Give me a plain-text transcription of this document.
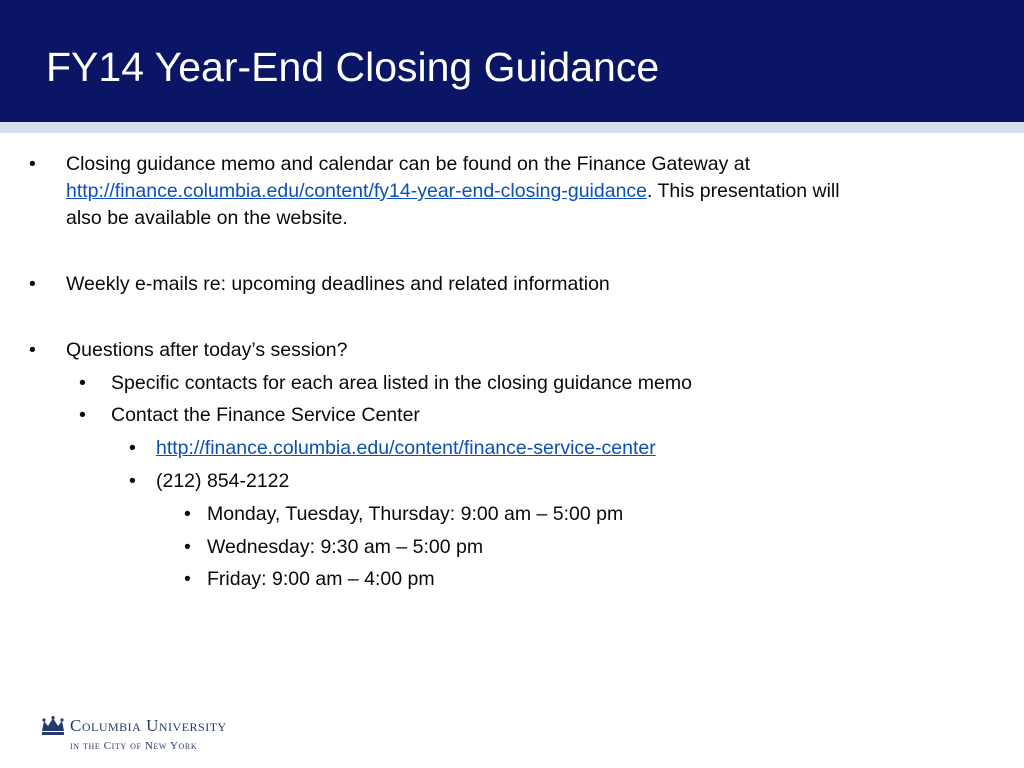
FY14 Year-End Closing Guidance
• Closing guidance memo and calendar can be found on the Finance Gateway at
http://finance.columbia.edu/content/fy14-year-end-closing-guidance. This presentation will
also be available on the website.
• Weekly e-mails re: upcoming deadlines and related information
• Questions after today’s session?
• Specific contacts for each area listed in the closing guidance memo
• Contact the Finance Service Center
• http://finance.columbia.edu/content/finance-service-center
• (212) 854-2122
• Monday, Tuesday, Thursday: 9:00 am – 5:00 pm
• Wednesday: 9:30 am – 5:00 pm
• Friday: 9:00 am – 4:00 pm
Columbia University
in the City of New York
